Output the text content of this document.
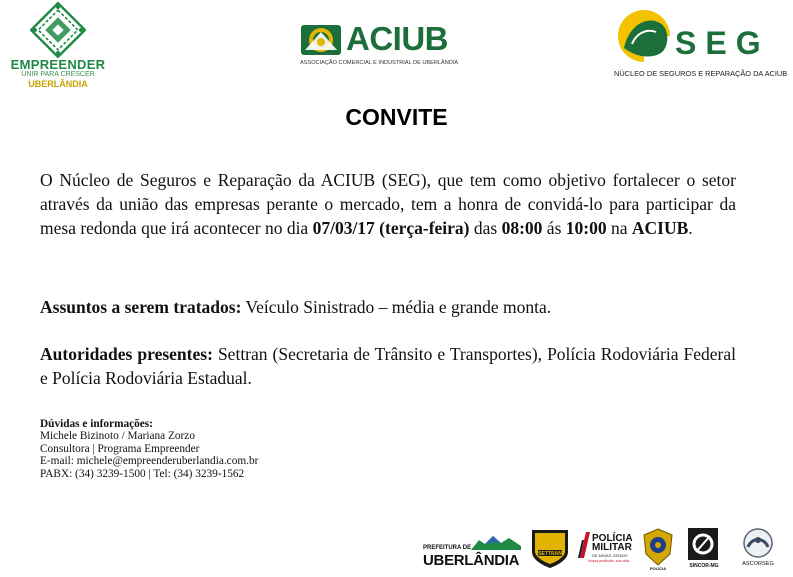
EMPREENDER
UNIR PARA CRESCER
UBERLÂNDIA
ACIUB
ASSOCIAÇÃO COMERCIAL E INDUSTRIAL DE UBERLÂNDIA
SEG
NÚCLEO DE SEGUROS E REPARAÇÃO DA ACIUB
CONVITE
O Núcleo de Seguros e Reparação da ACIUB (SEG), que tem como objetivo fortalecer o setor através da união das empresas perante o mercado, tem a honra de convidá-lo para participar da mesa redonda que irá acontecer no dia 07/03/17 (terça-feira) das 08:00 ás 10:00 na ACIUB.
Assuntos a serem tratados: Veículo Sinistrado – média e grande monta.
Autoridades presentes: Settran (Secretaria de Trânsito e Transportes), Polícia Rodoviária Federal e Polícia Rodoviária Estadual.
Dúvidas e informações:
Michele Bizinoto / Mariana Zorzo
Consultora | Programa Empreender
E-mail: michele@empreenderuberlandia.com.br
PABX: (34) 3239-1500 | Tel: (34) 3239-1562
PREFEITURA DE
UBERLÂNDIA	SETTRAN
POLÍCIA
MILITAR
DE MINAS GERAIS
Nossa profissão, sua vida.
POLÍCIA	SINCOR-MG	ASCORSEG
